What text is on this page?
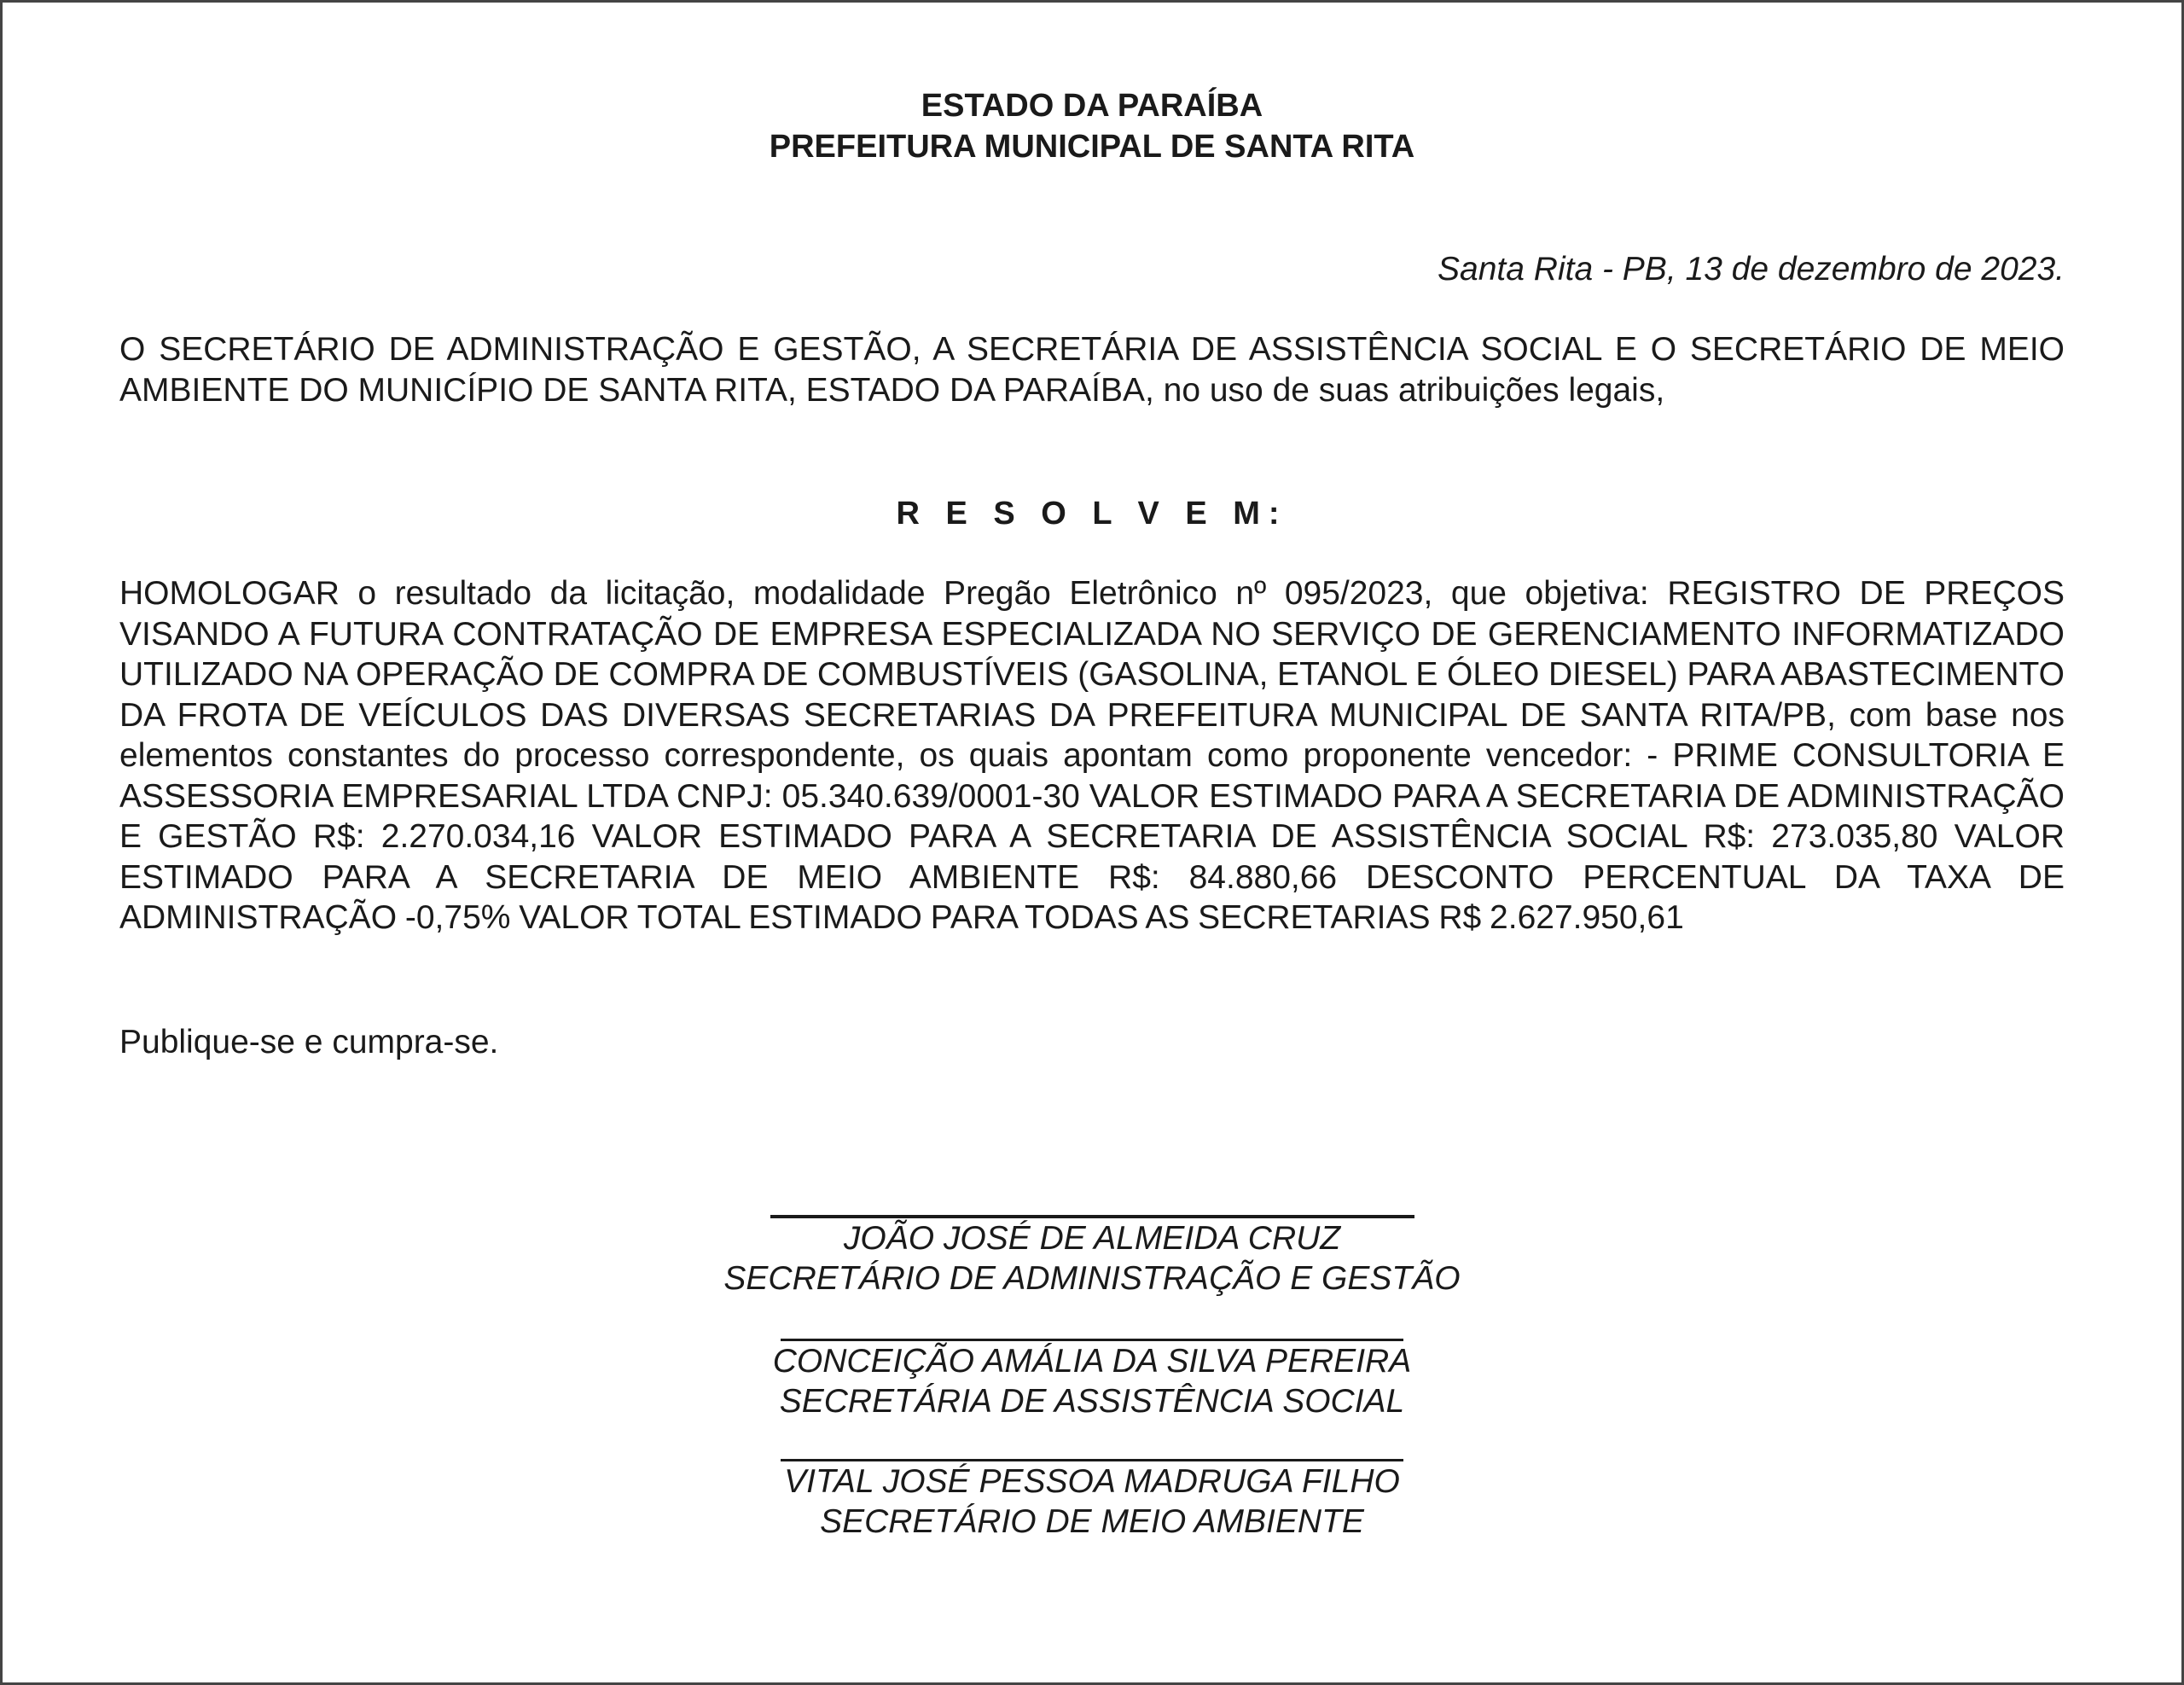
ESTADO DA PARAÍBA
PREFEITURA MUNICIPAL DE SANTA RITA
Santa Rita - PB, 13 de dezembro de 2023.
O SECRETÁRIO DE ADMINISTRAÇÃO E GESTÃO, A SECRETÁRIA DE ASSISTÊNCIA SOCIAL E O SECRETÁRIO DE MEIO AMBIENTE DO MUNICÍPIO DE SANTA RITA, ESTADO DA PARAÍBA, no uso de suas atribuições legais,
R E S O L V E M:
HOMOLOGAR o resultado da licitação, modalidade Pregão Eletrônico nº 095/2023, que objetiva: REGISTRO DE PREÇOS VISANDO A FUTURA CONTRATAÇÃO DE EMPRESA ESPECIALIZADA NO SERVIÇO DE GERENCIAMENTO INFORMATIZADO UTILIZADO NA OPERAÇÃO DE COMPRA DE COMBUSTÍVEIS (GASOLINA, ETANOL E ÓLEO DIESEL) PARA ABASTECIMENTO DA FROTA DE VEÍCULOS DAS DIVERSAS SECRETARIAS DA PREFEITURA MUNICIPAL DE SANTA RITA/PB, com base nos elementos constantes do processo correspondente, os quais apontam como proponente vencedor: - PRIME CONSULTORIA E ASSESSORIA EMPRESARIAL LTDA CNPJ: 05.340.639/0001-30 VALOR ESTIMADO PARA A SECRETARIA DE ADMINISTRAÇÃO E GESTÃO R$: 2.270.034,16 VALOR ESTIMADO PARA A SECRETARIA DE ASSISTÊNCIA SOCIAL R$: 273.035,80 VALOR ESTIMADO PARA A SECRETARIA DE MEIO AMBIENTE R$: 84.880,66 DESCONTO PERCENTUAL DA TAXA DE ADMINISTRAÇÃO -0,75% VALOR TOTAL ESTIMADO PARA TODAS AS SECRETARIAS R$ 2.627.950,61
Publique-se e cumpra-se.
JOÃO JOSÉ DE ALMEIDA CRUZ
SECRETÁRIO DE ADMINISTRAÇÃO E GESTÃO
CONCEIÇÃO AMÁLIA DA SILVA PEREIRA
SECRETÁRIA DE ASSISTÊNCIA SOCIAL
VITAL JOSÉ PESSOA MADRUGA FILHO
SECRETÁRIO DE MEIO AMBIENTE
